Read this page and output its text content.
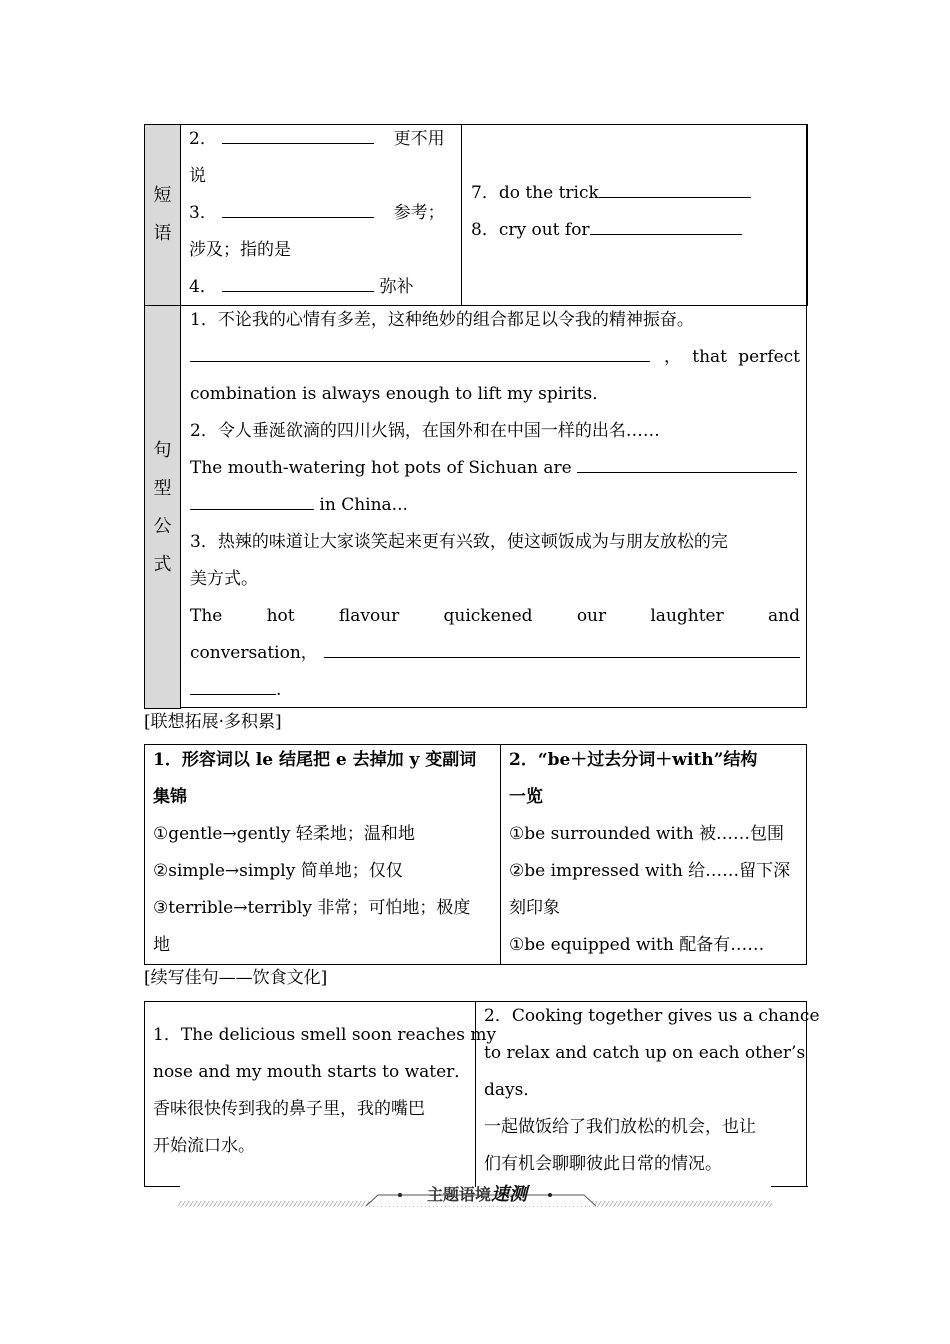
短语
2．	更不用
说
3．	参考；
涉及；指的是
4．	弥补
7．do the trick
8．cry out for
句型公式
1．不论我的心情有多差，这种绝妙的组合都足以令我的精神振奋。
， that perfect
combination is always enough to lift my spirits．
2．令人垂涎欲滴的四川火锅，在国外和在中国一样的出名……
The mouth-watering hot pots of Sichuan are
in China...
3．热辣的味道让大家谈笑起来更有兴致，使这顿饭成为与朋友放松的完
美方式。
The	hot	flavour	quickened	our	laughter	and
conversation，
.
[联想拓展·多积累]
1．形容词以 le 结尾把 e 去掉加 y 变副词
集锦
①gentle→gently 轻柔地；温和地
②simple→simply 简单地；仅仅
③terrible→terribly 非常；可怕地；极度
地
2．“be＋过去分词＋with”结构
一览
①be surrounded with 被……包围
②be impressed with 给……留下深
刻印象
①be equipped with 配备有……
[续写佳句——饮食文化]
1．The delicious smell soon reaches my
nose and my mouth starts to water．
香味很快传到我的鼻子里，我的嘴巴
开始流口水。
2．Cooking together gives us a chance
to relax and catch up on each other’s
days．
一起做饭给了我们放松的机会，也让
们有机会聊聊彼此日常的情况。
主题语境速测
